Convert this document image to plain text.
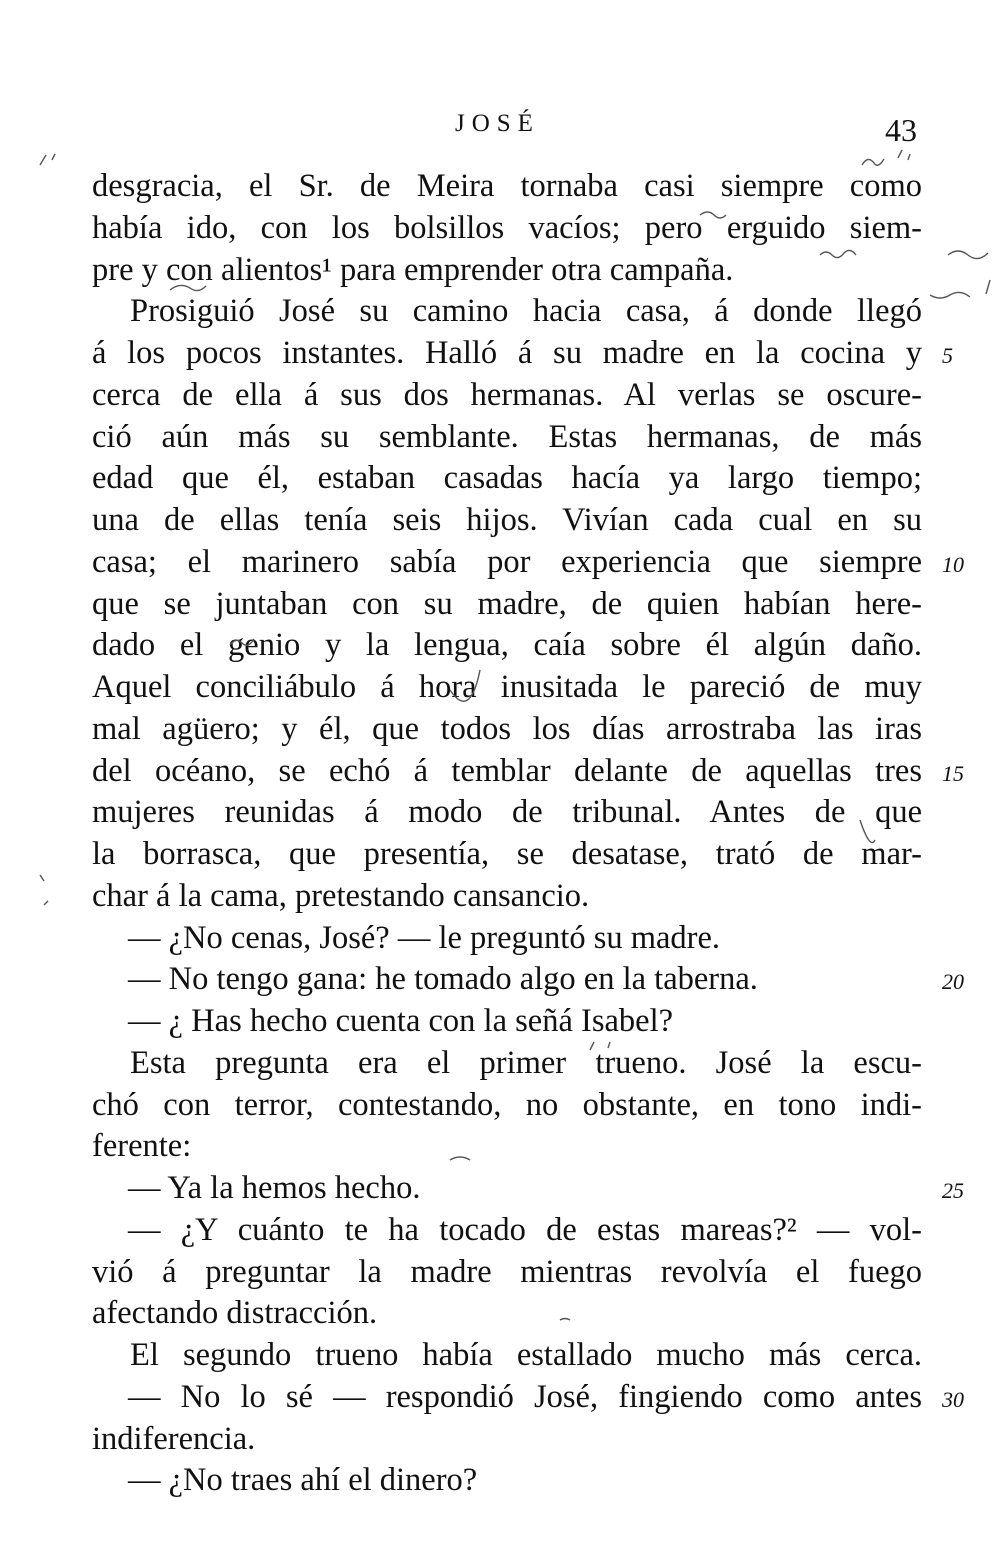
JOSÉ	43
desgracia, el Sr. de Meira tornaba casi siempre como
había ido, con los bolsillos vacíos; pero erguido siem-
pre y con alientos¹ para emprender otra campaña.
Prosiguió José su camino hacia casa, á donde llegó
á los pocos instantes. Halló á su madre en la cocina y 5
cerca de ella á sus dos hermanas. Al verlas se oscure-
ció aún más su semblante. Estas hermanas, de más
edad que él, estaban casadas hacía ya largo tiempo;
una de ellas tenía seis hijos. Vivían cada cual en su
casa; el marinero sabía por experiencia que siempre 10
que se juntaban con su madre, de quien habían here-
dado el genio y la lengua, caía sobre él algún daño.
Aquel conciliábulo á hora inusitada le pareció de muy
mal agüero; y él, que todos los días arrostraba las iras
del océano, se echó á temblar delante de aquellas tres 15
mujeres reunidas á modo de tribunal. Antes de que
la borrasca, que presentía, se desatase, trató de mar-
char á la cama, pretestando cansancio.
— ¿No cenas, José? — le preguntó su madre.
— No tengo gana: he tomado algo en la taberna.	20
— ¿ Has hecho cuenta con la señá Isabel?
Esta pregunta era el primer trueno. José la escu-
chó con terror, contestando, no obstante, en tono indi-
ferente:
— Ya la hemos hecho.	25
— ¿Y cuánto te ha tocado de estas mareas?² — vol-
vió á preguntar la madre mientras revolvía el fuego
afectando distracción.
El segundo trueno había estallado mucho más cerca.
— No lo sé — respondió José, fingiendo como antes 30
indiferencia.
— ¿No traes ahí el dinero?
